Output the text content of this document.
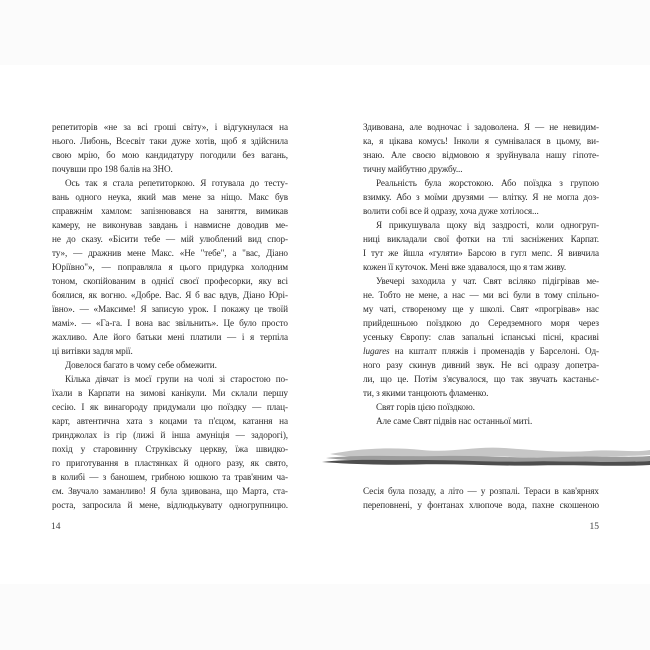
репетиторів «не за всі гроші світу», і відгукнулася на
нього. Либонь, Всесвіт таки дуже хотів, щоб я здійснила
свою мрію, бо мою кандидатуру погодили без вагань,
почувши про 198 балів на ЗНО.
Ось так я стала репетиторкою. Я готувала до тесту-
вань одного неука, який мав мене за ніщо. Макс був
справжнім хамлом: запізнювався на заняття, вимикав
камеру, не виконував завдань і навмисне доводив ме-
не до сказу. «Бісити тебе — мій улюблений вид спор-
ту», — дражнив мене Макс. «Не "тебе", а "вас, Діано
Юріївно"», — поправляла я цього придурка холодним
тоном, скопійованим в однієї своєї професорки, яку всі
боялися, як вогню. «Добре. Вас. Я б вас вдув, Діано Юрі-
ївно». — «Максиме! Я записую урок. І покажу це твоїй
мамі». — «Га-га. І вона вас звільнить». Це було просто
жахливо. Але його батьки мені платили — і я терпіла
ці витівки задля мрії.
Довелося багато в чому себе обмежити.
Кілька дівчат із моєї групи на чолі зі старостою по-
їхали в Карпати на зимові канікули. Ми склали першу
сесію. І як винагороду придумали цю поїздку — плац-
карт, автентична хата з коцами та п'єцом, катання на
ґринджолах із гір (лижі й інша амуніція — задорогі),
похід у старовинну Струківську церкву, їжа швидко-
го приготування в пластянках й одного разу, як свято,
в колибі — з баношем, грибною юшкою та трав'яним ча-
єм. Звучало заманливо! Я була здивована, що Марта, ста-
роста, запросила й мене, відлюдькувату одногрупницю.
Здивована, але водночас і задоволена. Я — не невидим-
ка, я цікава комусь! Інколи я сумнівалася в цьому, ви-
знаю. Але своєю відмовою я зруйнувала нашу гіпоте-
тичну майбутню дружбу...
Реальність була жорстокою. Або поїздка з групою
взимку. Або з моїми друзями — влітку. Я не могла доз-
волити собі все й одразу, хоча дуже хотілося...
Я прикушувала щоку від заздрості, коли одногруп-
ниці викладали свої фотки на тлі засніжених Карпат.
І тут же йшла «гуляти» Барсою в гугл мепс. Я вивчила
кожен її куточок. Мені вже здавалося, що я там живу.
Увечері заходила у чат. Свят всіляко підігрівав ме-
не. Тобто не мене, а нас — ми всі були в тому спільно-
му чаті, створеному ще у школі. Свят «прогрівав» нас
прийдешньою поїздкою до Середземного моря через
усеньку Європу: слав запальні іспанські пісні, красиві
lugares на кшталт пляжів і променадів у Барселоні. Од-
ного разу скинув дивний звук. Не всі одразу допетра-
ли, що це. Потім з'ясувалося, що так звучать кастаньє-
ти, з якими танцюють фламенко.
Свят горів цією поїздкою.
Але саме Свят підвів нас останньої миті.
Сесія була позаду, а літо — у розпалі. Тераси в кав'ярнях
переповнені, у фонтанах хлюпоче вода, пахне скошеною
14	15
